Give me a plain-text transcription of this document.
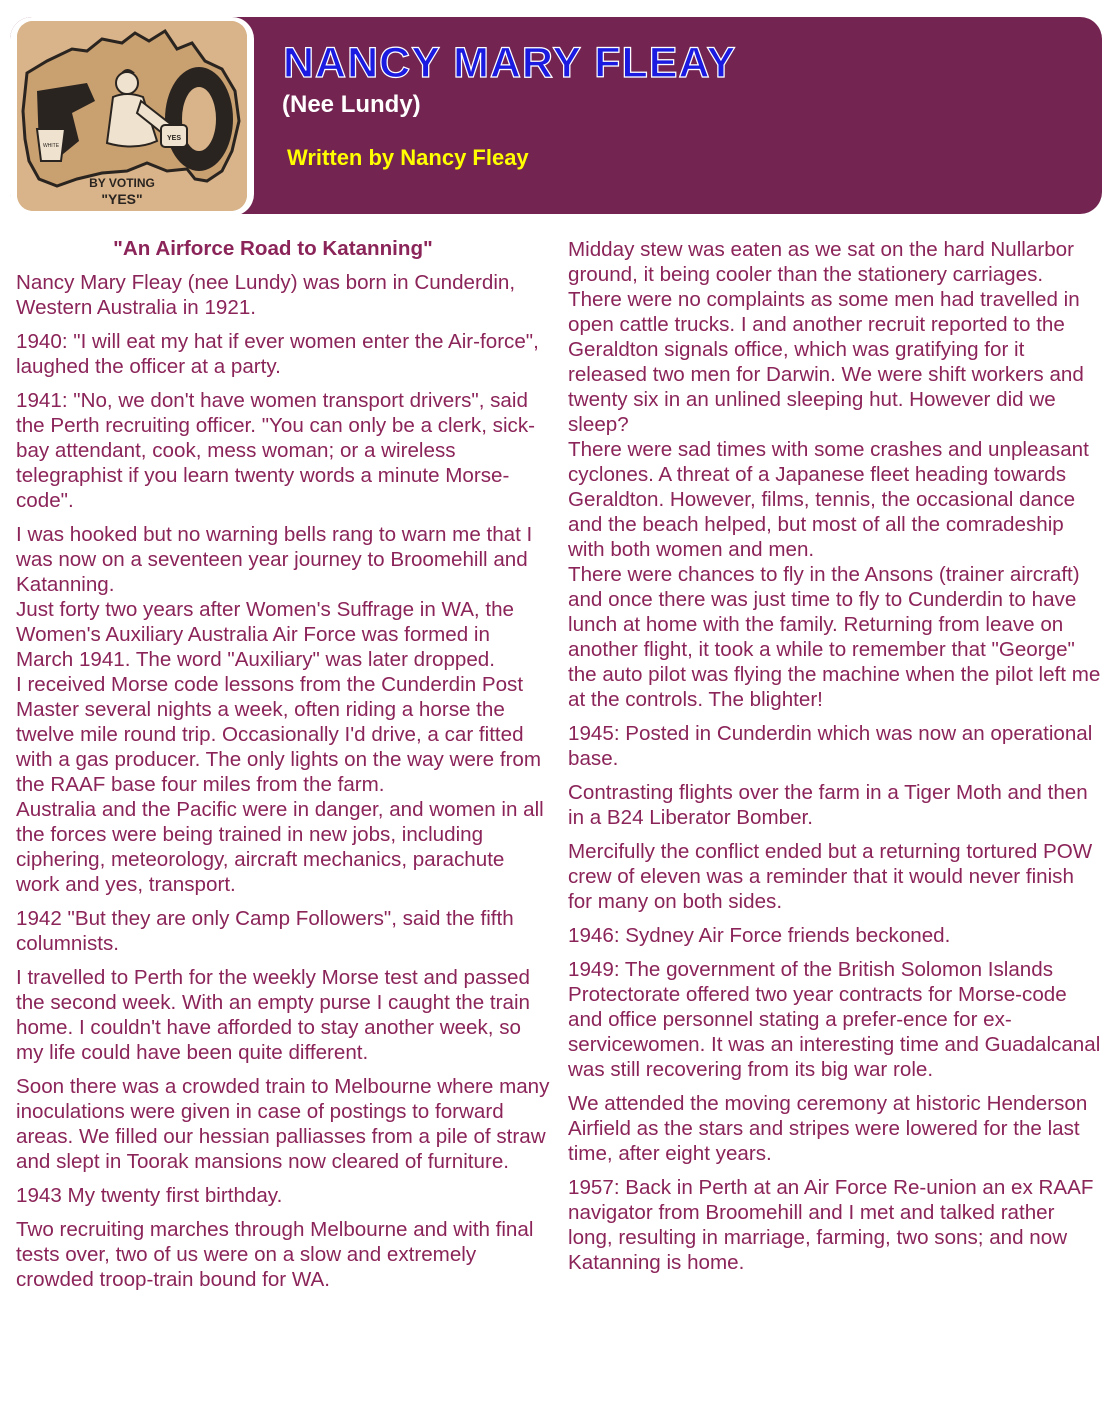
YES
WHITE
BY VOTING
"YES"
NANCY MARY FLEAY
(Nee Lundy)
Written by Nancy Fleay

"An Airforce Road to Katanning"

Nancy Mary Fleay (nee Lundy) was born in Cunderdin, Western Australia in 1921.

1940: "I will eat my hat if ever women enter the Air-force", laughed the officer at a party.

1941: "No, we don't have women transport drivers", said the Perth recruiting officer. "You can only be a clerk, sick-bay attendant, cook, mess woman; or a wireless telegraphist if you learn twenty words a minute Morse-code".

I was hooked but no warning bells rang to warn me that I was now on a seventeen year journey to Broomehill and Katanning.

Just forty two years after Women's Suffrage in WA, the Women's Auxiliary Australia Air Force was formed in March 1941. The word "Auxiliary" was later dropped.

I received Morse code lessons from the Cunderdin Post Master several nights a week, often riding a horse the twelve mile round trip. Occasionally I'd drive, a car fitted with a gas producer. The only lights on the way were from the RAAF base four miles from the farm.

Australia and the Pacific were in danger, and women in all the forces were being trained in new jobs, including ciphering, meteorology, aircraft mechanics, parachute work and yes, transport.

1942 "But they are only Camp Followers", said the fifth columnists.

I travelled to Perth for the weekly Morse test and passed the second week. With an empty purse I caught the train home. I couldn't have afforded to stay another week, so my life could have been quite different.

Soon there was a crowded train to Melbourne where many inoculations were given in case of postings to forward areas. We filled our hessian palliasses from a pile of straw and slept in Toorak mansions now cleared of furniture.

1943 My twenty first birthday.

Two recruiting marches through Melbourne and with final tests over, two of us were on a slow and extremely crowded troop-train bound for WA.

Midday stew was eaten as we sat on the hard Nullarbor ground, it being cooler than the stationery carriages. There were no complaints as some men had travelled in open cattle trucks. I and another recruit reported to the Geraldton signals office, which was gratifying for it released two men for Darwin. We were shift workers and twenty six in an unlined sleeping hut. However did we sleep?

There were sad times with some crashes and unpleasant cyclones. A threat of a Japanese fleet heading towards Geraldton. However, films, tennis, the occasional dance and the beach helped, but most of all the comradeship with both women and men.

There were chances to fly in the Ansons (trainer aircraft) and once there was just time to fly to Cunderdin to have lunch at home with the family. Returning from leave on another flight, it took a while to remember that "George" the auto pilot was flying the machine when the pilot left me at the controls. The blighter!

1945: Posted in Cunderdin which was now an operational base.

Contrasting flights over the farm in a Tiger Moth and then in a B24 Liberator Bomber.

Mercifully the conflict ended but a returning tortured POW crew of eleven was a reminder that it would never finish for many on both sides.

1946: Sydney Air Force friends beckoned.

1949: The government of the British Solomon Islands Protectorate offered two year contracts for Morse-code and office personnel stating a prefer-ence for ex-servicewomen. It was an interesting time and Guadalcanal was still recovering from its big war role.

We attended the moving ceremony at historic Henderson Airfield as the stars and stripes were lowered for the last time, after eight years.

1957: Back in Perth at an Air Force Re-union an ex RAAF navigator from Broomehill and I met and talked rather long, resulting in marriage, farming, two sons; and now Katanning is home.
